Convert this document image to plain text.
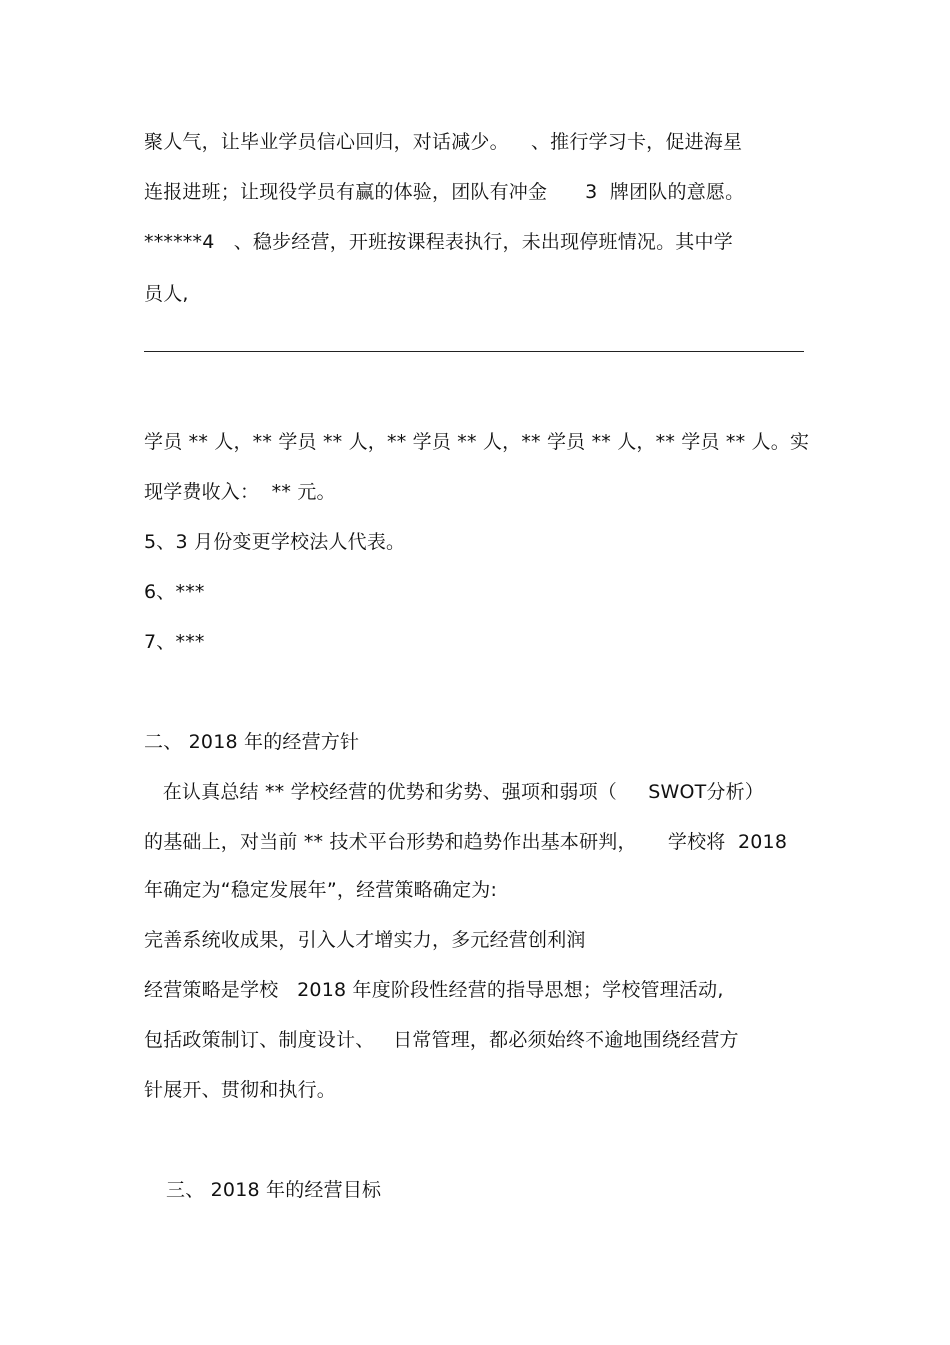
聚人气，让毕业学员信心回归，对话减少。　  、推行学习卡，促进海星
连报进班；让现役学员有赢的体验，团队有冲金　   3  牌团队的意愿。
******4　、稳步经营，开班按课程表执行，未出现停班情况。其中学
员人,
学员 ** 人，** 学员 ** 人，** 学员 ** 人，** 学员 ** 人，** 学员 ** 人。实
现学费收入：  ** 元。
5、3 月份变更学校法人代表。
6、***
7、***
二、 2018 年的经营方针
在认真总结 ** 学校经营的优势和劣势、强项和弱项（     SWOT分析）
的基础上，对当前 ** 技术平台形势和趋势作出基本研判，     学校将  2018
年确定为“稳定发展年”，经营策略确定为:
完善系统收成果，引入人才增实力，多元经营创利润
经营策略是学校   2018 年度阶段性经营的指导思想；学校管理活动,
包括政策制订、制度设计、   日常管理，都必须始终不逾地围绕经营方
针展开、贯彻和执行。
三、 2018 年的经营目标
